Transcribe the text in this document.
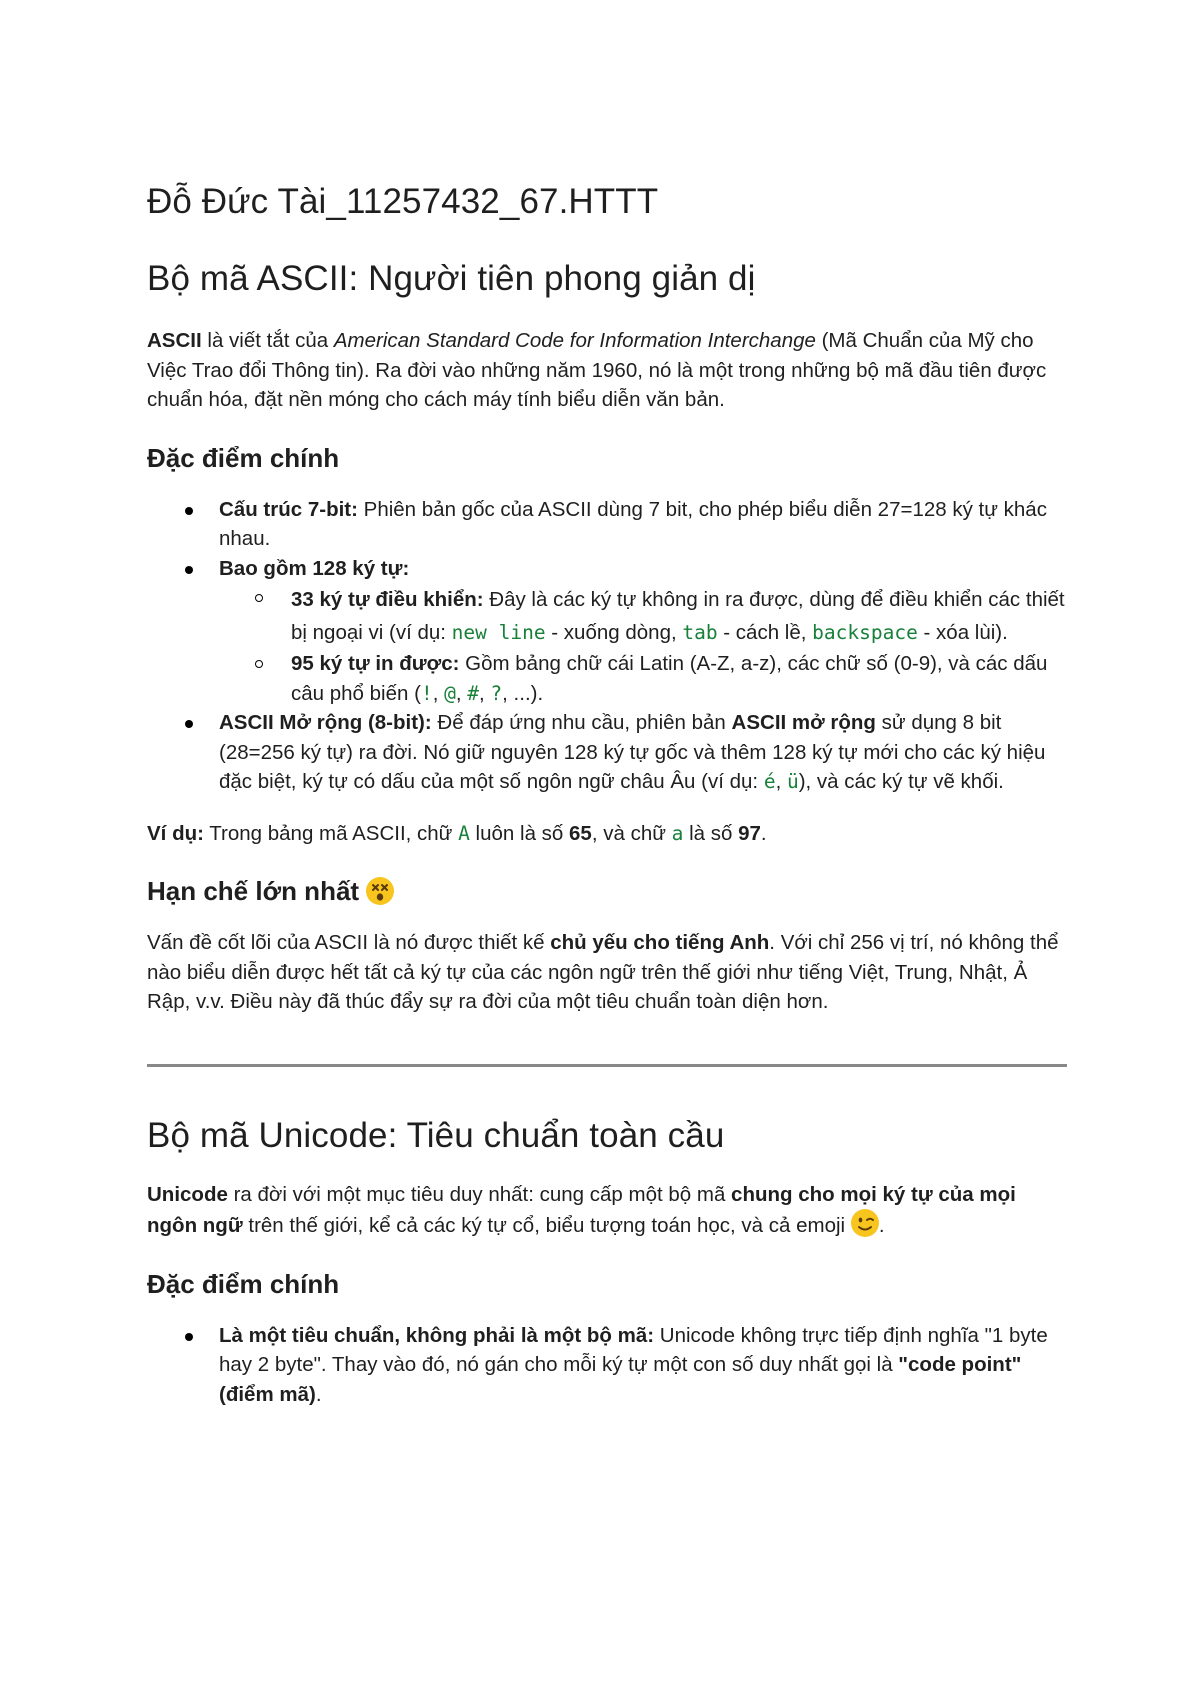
Đỗ Đức Tài_11257432_67.HTTT
Bộ mã ASCII: Người tiên phong giản dị

ASCII là viết tắt của American Standard Code for Information Interchange (Mã Chuẩn của Mỹ cho Việc Trao đổi Thông tin). Ra đời vào những năm 1960, nó là một trong những bộ mã đầu tiên được chuẩn hóa, đặt nền móng cho cách máy tính biểu diễn văn bản.

Đặc điểm chính
Cấu trúc 7-bit: Phiên bản gốc của ASCII dùng 7 bit, cho phép biểu diễn 27=128 ký tự khác nhau.
Bao gồm 128 ký tự:
33 ký tự điều khiển: Đây là các ký tự không in ra được, dùng để điều khiển các thiết bị ngoại vi (ví dụ: new line - xuống dòng, tab - cách lề, backspace - xóa lùi).
95 ký tự in được: Gồm bảng chữ cái Latin (A-Z, a-z), các chữ số (0-9), và các dấu câu phổ biến (!, @, #, ?, ...).
ASCII Mở rộng (8-bit): Để đáp ứng nhu cầu, phiên bản ASCII mở rộng sử dụng 8 bit (28=256 ký tự) ra đời. Nó giữ nguyên 128 ký tự gốc và thêm 128 ký tự mới cho các ký hiệu đặc biệt, ký tự có dấu của một số ngôn ngữ châu Âu (ví dụ: é, ü), và các ký tự vẽ khối.

Ví dụ: Trong bảng mã ASCII, chữ A luôn là số 65, và chữ a là số 97.

Hạn chế lớn nhất

Vấn đề cốt lõi của ASCII là nó được thiết kế chủ yếu cho tiếng Anh. Với chỉ 256 vị trí, nó không thể nào biểu diễn được hết tất cả ký tự của các ngôn ngữ trên thế giới như tiếng Việt, Trung, Nhật, Ả Rập, v.v. Điều này đã thúc đẩy sự ra đời của một tiêu chuẩn toàn diện hơn.

Bộ mã Unicode: Tiêu chuẩn toàn cầu

Unicode ra đời với một mục tiêu duy nhất: cung cấp một bộ mã chung cho mọi ký tự của mọi ngôn ngữ trên thế giới, kể cả các ký tự cổ, biểu tượng toán học, và cả emoji
.

Đặc điểm chính
Là một tiêu chuẩn, không phải là một bộ mã: Unicode không trực tiếp định nghĩa "1 byte hay 2 byte". Thay vào đó, nó gán cho mỗi ký tự một con số duy nhất gọi là "code point" (điểm mã).
